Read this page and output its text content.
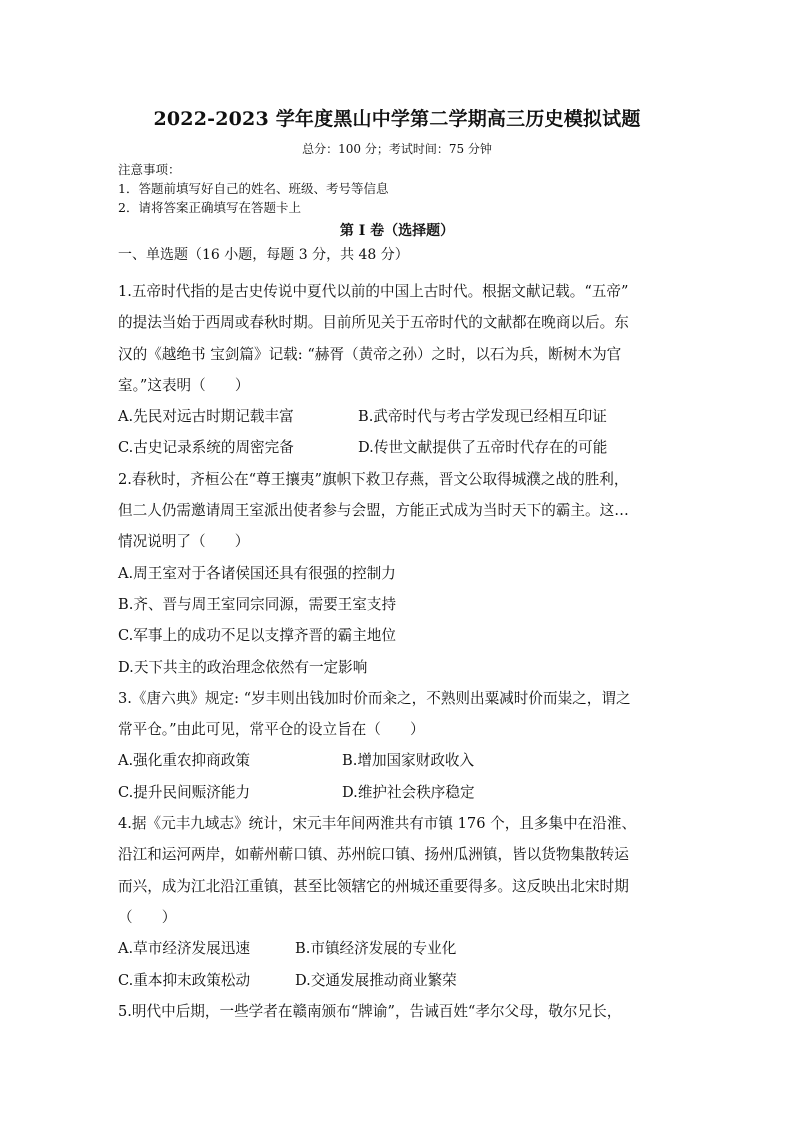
2022-2023 学年度黑山中学第二学期高三历史模拟试题
总分：100 分；考试时间：75 分钟
注意事项：
1．答题前填写好自己的姓名、班级、考号等信息
2．请将答案正确填写在答题卡上
第 I 卷（选择题）
一、单选题（16 小题，每题 3 分，共 48 分）
1.五帝时代指的是古史传说中夏代以前的中国上古时代。根据文献记载。“五帝”
的提法当始于西周或春秋时期。目前所见关于五帝时代的文献都在晚商以后。东
汉的《越绝书 宝剑篇》记载: “赫胥（黄帝之孙）之时，以石为兵，断树木为官
室。”这表明（　　）
A.先民对远古时期记载丰富	B.武帝时代与考古学发现已经相互印证
C.古史记录系统的周密完备	D.传世文献提供了五帝时代存在的可能
2.春秋时，齐桓公在“尊王攘夷”旗帜下救卫存燕，晋文公取得城濮之战的胜利，
但二人仍需邀请周王室派出使者参与会盟，方能正式成为当时天下的霸主。这…
情况说明了（　　）
A.周王室对于各诸侯国还具有很强的控制力
B.齐、晋与周王室同宗同源，需要王室支持
C.军事上的成功不足以支撑齐晋的霸主地位
D.天下共主的政治理念依然有一定影响
3.《唐六典》规定: “岁丰则出钱加时价而籴之，不熟则出粟减时价而粜之，谓之
常平仓。”由此可见，常平仓的设立旨在（　　）
A.强化重农抑商政策	B.增加国家财政收入
C.提升民间赈济能力	D.维护社会秩序稳定
4.据《元丰九域志》统计，宋元丰年间两淮共有市镇 176 个，且多集中在沿淮、
沿江和运河两岸，如蕲州蕲口镇、苏州皖口镇、扬州瓜洲镇，皆以货物集散转运
而兴，成为江北沿江重镇，甚至比领辖它的州城还重要得多。这反映出北宋时期
（　　）
A.草市经济发展迅速	B.市镇经济发展的专业化
C.重本抑末政策松动	D.交通发展推动商业繁荣
5.明代中后期，一些学者在赣南颁布“牌谕”，告诫百姓“孝尔父母，敬尔兄长，
